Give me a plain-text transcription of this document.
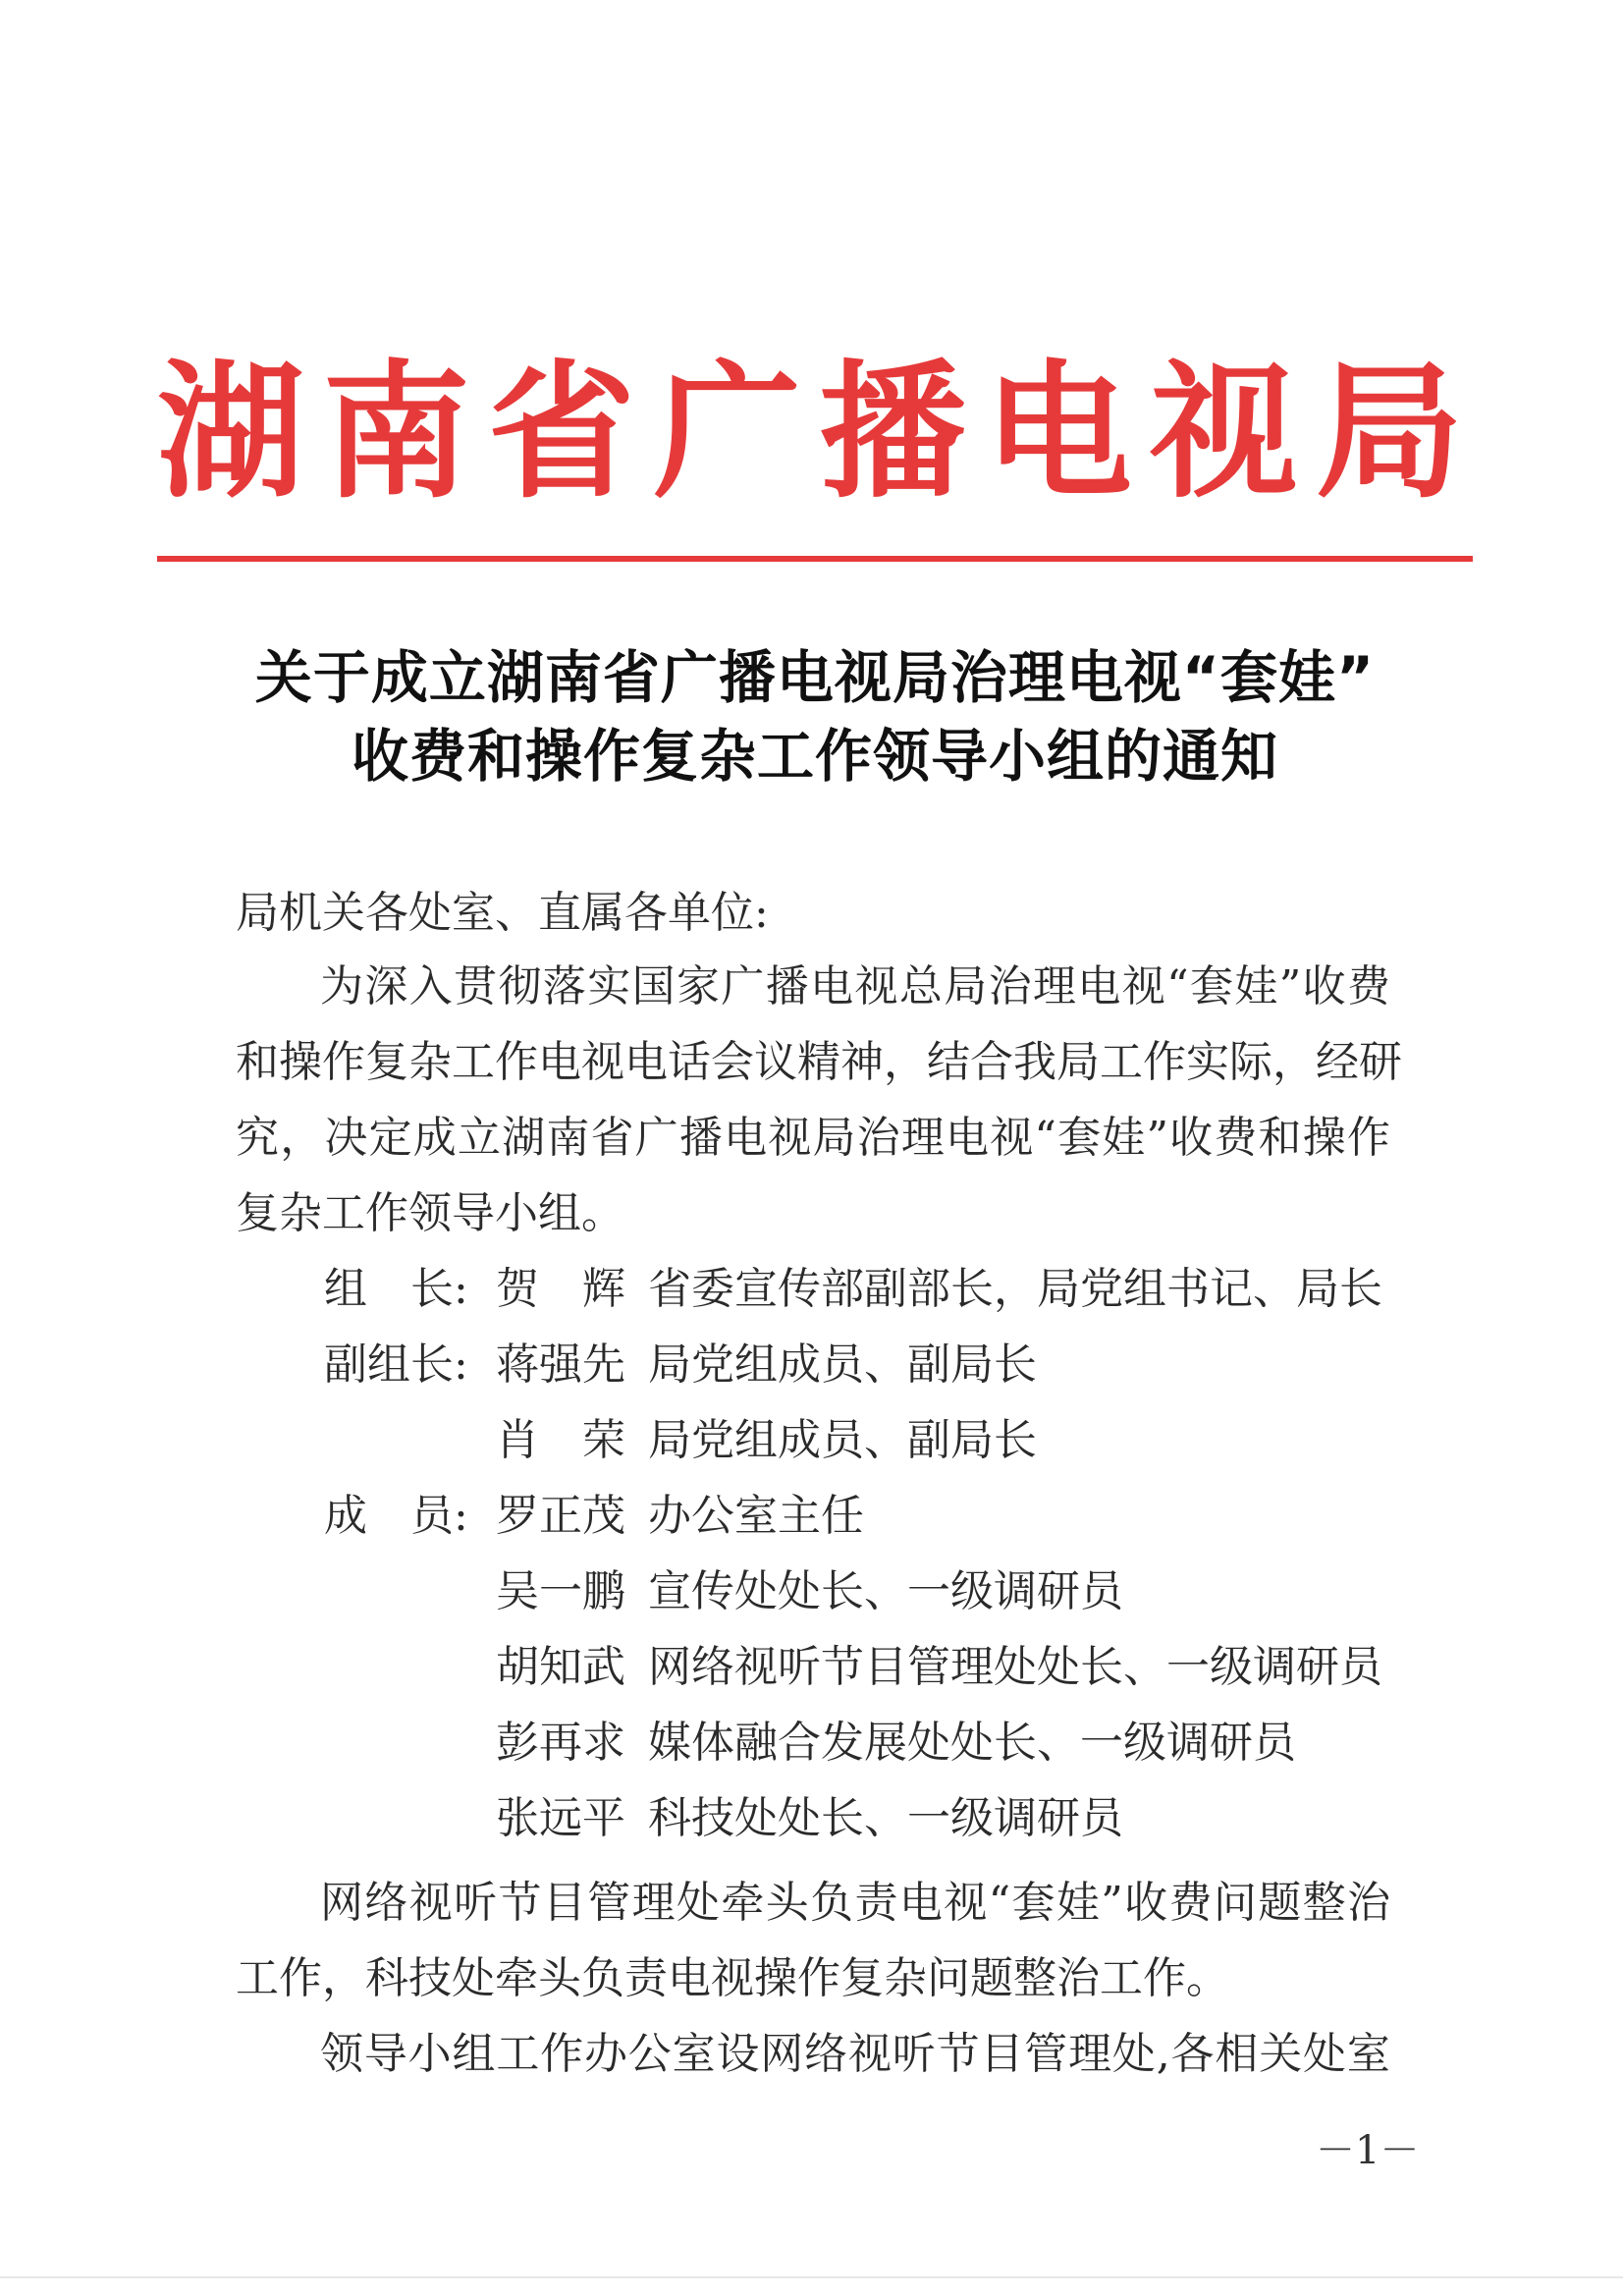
湖 南 省 广 播 电 视 局
关于成立湖南省广播电视局治理电视“套娃”
收费和操作复杂工作领导小组的通知
局机关各处室、直属各单位:
为 深 入 贯 彻 落 实 国 家 广 播 电 视 总 局 治 理 电 视 “ 套 娃 ” 收 费
和 操 作 复 杂 工 作 电 视 电 话 会 议 精 神 ， 结 合 我 局 工 作 实 际 ， 经 研
究 ， 决 定 成 立 湖 南 省 广 播 电 视 局 治 理 电 视 “ 套 娃 ” 收 费 和 操 作
复杂工作领导小组。
组　长 : 贺　辉 省委宣传部副部长，局党组书记、局长
副组长 : 蒋强先 局党组成员、副局长
肖　荣 局党组成员、副局长
成　员 : 罗正茂 办公室主任
吴一鹏 宣传处处长、一级调研员
胡知武 网络视听节目管理处处长、一级调研员
彭再求 媒体融合发展处处长、一级调研员
张远平 科技处处长、一级调研员
网 络 视 听 节 目 管 理 处 牵 头 负 责 电 视 “ 套 娃 ” 收 费 问 题 整 治
工作，科技处牵头负责电视操作复杂问题整治工作。
领 导 小 组 工 作 办 公 室 设 网 络 视 听 节 目 管 理 处 , 各 相 关 处 室
－1－
